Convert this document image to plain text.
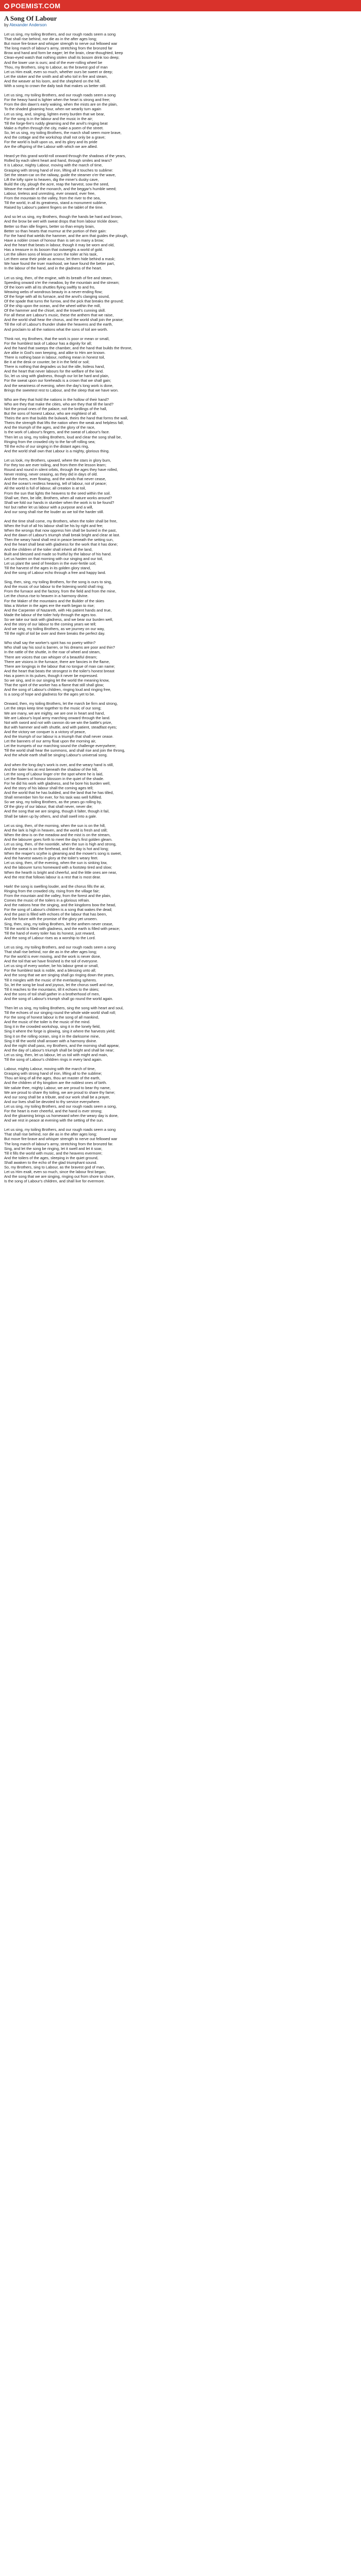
POEMIST.COM
A Song Of Labour

by Alexander Anderson

Let us sing, my toiling Brothers, and our rough roads seem a song
That shall rise behind, nor die as in the after ages long;
But move fire-brave and whisper strength to nerve out fellowed war
The long march of labour's army, stretching from the bronzed far
Brow and hand and form be eager; let the brain, clear-thoughted, keep
Clean-eyed watch that nothing stolen shall its bosom drink too deep;
And the lower use is ours; and of the ever-rolling wheel be
Thou, my Brothers, sing to Labour, as the bravest god of man
Let us Him exalt, even so much, whether ours be sweet or deep;
Let the stoker and the smith and all who toil in fire and steam,
And the weaver at his loom, and the shepherd on the hill,
With a song to crown the daily task that makes us better still.

Let us sing, my toiling Brothers, and our rough roads seem a song
For the heavy hand is lighter when the heart is strong and free;
From the dim dawn's early waking, when the mists are on the plain,
To the shaded gloaming hour, when we wearily turn again
Let us sing, and, singing, lighten every burden that we bear,
For the song is in the labour and the music in the air;
Till the forge-fire's ruddy gleaming and the anvil's ringing beat
Make a rhythm through the city, make a poem of the street.
So, let us sing, my toiling Brothers, the march shall seem more brave,
And the cottage and the workshop shall not only be a grave;
For the world is built upon us, and its glory and its pride
Are the offspring of the Labour with which we are allied.

Heard ye this grand world-roll onward through the shadows of the years,
Rolled by each silent heart and hand, through smiles and tears?
It is Labour, mighty Labour, moving with the march of time,
Grasping with strong hand of iron, lifting all it touches to sublime:
Set the steam-car on the railway, guide the steamer o'er the wave,
Lift the lofty spire to heaven, dig the miner's dusky cave,
Build the city, plough the acre, reap the harvest, sow the seed,
Weave the mantle of the monarch, and the beggar's humble weed;
Labour, tireless and unresting, ever onward, ever free,
From the mountain to the valley, from the river to the sea,
Till the world, in all its greatness, stand a monument sublime,
Raised by Labour's patient fingers on the tablet of the time.

And so let us sing, my Brothers, though the hands be hard and brown,
And the brow be wet with sweat drops that from labour trickle down;
Better so than idle fingers, better so than empty brain,
Better so than hearts that murmur at the portion of their gain:
For the hand that wields the hammer, and the arm that guides the plough,
Have a nobler crown of honour than is set on many a brow;
And the heart that beats in labour, though it may be worn and old,
Has a treasure in its bosom that outweighs a world of gold.
Let the silken sons of leisure scorn the toiler at his task,
Let them wear their pride as armour, let them hide behind a mask;
We have found the truer manhood, we have found the better part,
In the labour of the hand, and in the gladness of the heart.

Let us sing, then, of the engine, with its breath of fire and steam,
Speeding onward o'er the meadow, by the mountain and the stream;
Of the loom with all its shuttles flying swiftly to and fro,
Weaving webs of wondrous beauty in a never-ending flow;
Of the forge with all its furnace, and the anvil's clanging sound,
Of the spade that turns the furrow, and the pick that breaks the ground;
Of the ship upon the ocean, and the wheel within the mill,
Of the hammer and the chisel, and the trowel's cunning skill.
For all these are Labour's music, these the anthem that we raise,
And the world shall hear the chorus, and the world shall join the praise;
Till the roll of Labour's thunder shake the heavens and the earth,
And proclaim to all the nations what the sons of toil are worth.

Think not, my Brothers, that the work is poor or mean or small,
For the humblest task of Labour has a dignity for all;
And the hand that sweeps the chamber, and the hand that builds the throne,
Are alike in God's own keeping, and alike to Him are known.
There is nothing base in labour, nothing mean in honest toil,
Be it at the desk or counter, be it in the field or soil;
There is nothing that degrades us but the idle, listless hand,
And the heart that never labours for the welfare of the land.
So, let us sing with gladness, though our lot be hard and plain,
For the sweat upon our foreheads is a crown that we shall gain;
And the weariness of evening, when the day's long work is done,
Brings the sweetest rest to Labour, and the sleep that we have won.

Who are they that hold the nations in the hollow of their hand?
Who are they that make the cities, who are they that till the land?
Not the proud ones of the palace, not the lordlings of the hall,
But the sons of honest Labour, who are mightiest of all.
Theirs the arm that builds the bulwark, theirs the hand that forms the wall,
Theirs the strength that lifts the nation when the weak and helpless fall;
And the triumph of the ages, and the glory of the race,
Is the work of Labour's fingers, and the sweat of Labour's face.
Then let us sing, my toiling Brothers, loud and clear the song shall be,
Ringing from the crowded city to the far-off rolling sea;
Till the echo of our singing in the distant ages ring,
And the world shall own that Labour is a mighty, glorious thing.

Let us look, my Brothers, upward, where the stars in glory burn,
For they too are ever toiling, and from them the lesson learn;
Round and round in silent orbits, through the ages they have rolled,
Never resting, never ceasing, as they did in days of old.
And the rivers, ever flowing, and the winds that never cease,
And the ocean's restless heaving, tell of labour, not of peace;
All the world is full of labour, all creation is at toil,
From the sun that lights the heavens to the seed within the soil.
Shall we, then, be idle, Brothers, when all nature works around?
Shall we fold our hands in slumber when the work is to be found?
No! but rather let us labour with a purpose and a will,
And our song shall rise the louder as we toil the harder still.

And the time shall come, my Brothers, when the toiler shall be free,
When the fruit of all his labour shall be his by right and fee;
When the wrongs that now oppress him shall be buried in the past,
And the dawn of Labour's triumph shall break bright and clear at last.
Then the weary hand shall rest in peace beneath the setting sun,
And the heart shall beat with gladness for the work that it has done;
And the children of the toiler shall inherit all the land,
Built and blessed and made so fruitful by the labour of his hand.
Let us hasten on that morning with our singing and our toil,
Let us plant the seed of freedom in the ever-fertile soil;
Till the harvest of the ages in its golden glory stand,
And the song of Labour echo through a free and happy land.

Sing, then, sing, my toiling Brothers, for the song is ours to sing,
And the music of our labour to the listening world shall ring;
From the furnace and the factory, from the field and from the mine,
Let the chorus rise to heaven in a harmony divine.
For the Maker of the mountains and the Builder of the skies
Was a Worker in the ages ere the earth began to rise;
And the Carpenter of Nazareth, with His patient hands and true,
Made the labour of the toiler holy through the ages too.
So we take our task with gladness, and we bear our burden well,
And the story of our labour to the coming years we tell;
And we sing, my toiling Brothers, as we journey on our way,
Till the night of toil be over and there breaks the perfect day.

Who shall say the worker's spirit has no poetry within?
Who shall say his soul is barren, or his dreams are poor and thin?
In the rattle of the shuttle, in the roar of wheel and steam,
There are voices that can whisper of a beautiful dream;
There are visions in the furnace, there are fancies in the flame,
There are longings in the labour that no tongue of man can name;
And the heart that beats the strongest in the toiler's honest breast
Has a poem in its pulses, though it never be expressed.
So we sing, and in our singing let the world the meaning know,
That the spirit of the worker has a flame that still shall glow;
And the song of Labour's children, ringing loud and ringing free,
Is a song of hope and gladness for the ages yet to be.

Onward, then, my toiling Brothers, let the march be firm and strong,
Let the steps keep time together to the music of our song;
We are many, we are mighty, we are one in heart and hand,
We are Labour's loyal army marching onward through the land.
Not with sword and not with cannon do we win the battle's prize,
But with hammer and with shuttle, and with patient, steadfast eyes;
And the victory we conquer is a victory of peace,
And the triumph of our labour is a triumph that shall never cease.
Let the banners of our army float upon the morning air,
Let the trumpets of our marching sound the challenge everywhere;
Till the world shall hear the summons, and shall rise and join the throng,
And the whole earth shall be singing Labour's universal song.

And when the long day's work is over, and the weary hand is still,
And the toiler lies at rest beneath the shadow of the hill,
Let the song of Labour linger o'er the spot where he is laid,
Let the flowers of honour blossom in the quiet of the shade.
For he did his work with gladness, and he bore his burden well,
And the story of his labour shall the coming ages tell;
And the world that he has builded, and the land that he has tilled,
Shall remember him for ever, for his task was well fulfilled.
So we sing, my toiling Brothers, as the years go rolling by,
Of the glory of our labour, that shall never, never die;
And the song that we are singing, though it falter, though it fail,
Shall be taken up by others, and shall swell into a gale.

Let us sing, then, of the morning, when the sun is on the hill,
And the lark is high in heaven, and the world is fresh and still;
When the dew is on the meadow and the mist is on the stream,
And the labourer goes forth to meet the day's first golden gleam.
Let us sing, then, of the noontide, when the sun is high and strong,
And the sweat is on the forehead, and the day is hot and long;
When the reaper's scythe is gleaming and the mower's song is sweet,
And the harvest waves in glory at the toiler's weary feet.
Let us sing, then, of the evening, when the sun is sinking low,
And the labourer turns homeward with a footstep tired and slow;
When the hearth is bright and cheerful, and the little ones are near,
And the rest that follows labour is a rest that is most dear.

Hark! the song is swelling louder, and the chorus fills the air,
Ringing from the crowded city, rising from the village fair;
From the mountain and the valley, from the forest and the plain,
Comes the music of the toilers in a glorious refrain.
And the nations hear the singing, and the kingdoms bow the head,
For the song of Labour's children is a song that wakes the dead;
And the past is filled with echoes of the labour that has been,
And the future with the promise of the glory yet unseen.
Sing, then, sing, my toiling Brothers, let the anthem never cease,
Till the world is filled with gladness, and the earth is filled with peace;
Till the hand of every toiler has its honest, just reward,
And the song of Labour rises as a worship to the Lord.

Let us sing, my toiling Brothers, and our rough roads seem a song
That shall rise behind, nor die as in the after ages long;
For the world is ever moving, and the work is never done,
And the toil that we have finished is the toil of everyone.
Let us sing of every worker, be his labour great or small,
For the humblest task is noble, and a blessing unto all;
And the song that we are singing shall go ringing down the years,
Till it mingles with the music of the everlasting spheres.
So, let the song be loud and joyous, let the chorus swell and rise,
Till it reaches to the mountains, till it echoes to the skies;
And the sons of toil shall gather in a brotherhood of men,
And the song of Labour's triumph shall go round the world again.

Then let us sing, my toiling Brothers, sing the song with heart and soul,
Till the echoes of our singing round the whole wide world shall roll;
For the song of honest labour is the song of all mankind,
And the music of the toiler is the music of the mind.
Sing it in the crowded workshop, sing it in the lonely field,
Sing it where the forge is glowing, sing it where the harvests yield;
Sing it on the rolling ocean, sing it in the darksome mine,
Sing it till the world shall answer with a harmony divine.
And the night shall pass, my Brothers, and the morning shall appear,
And the day of Labour's triumph shall be bright and shall be near;
Let us sing, then, let us labour, let us toil with might and main,
Till the song of Labour's children rings in every land again.

Labour, mighty Labour, moving with the march of time,
Grasping with strong hand of iron, lifting all to the sublime;
Thou art king of all the ages, thou art master of the earth,
And the children of thy kingdom are the noblest ones of birth.
We salute thee, mighty Labour, we are proud to bear thy name,
We are proud to share thy toiling, we are proud to share thy fame;
And our song shall be a tribute, and our work shall be a prayer,
And our lives shall be devoted to thy service everywhere.
Let us sing, my toiling Brothers, and our rough roads seem a song,
For the heart is ever cheerful, and the hand is ever strong;
And the gloaming brings us homeward when the weary day is done,
And we rest in peace at evening with the setting of the sun.

Let us sing, my toiling Brothers, and our rough roads seem a song
That shall rise behind, nor die as in the after ages long;
But move fire-brave and whisper strength to nerve out fellowed war
The long march of labour's army, stretching from the bronzed far.
Sing, and let the song be ringing, let it swell and let it soar,
Till it fills the world with music, and the heavens evermore;
And the toilers of the ages, sleeping in the quiet ground,
Shall awaken to the echo of the glad triumphant sound.
So, my Brothers, sing to Labour, as the bravest god of man,
Let us Him exalt, even so much, since the labour first began;
And the song that we are singing, ringing out from shore to shore,
Is the song of Labour's children, and shall live for evermore.
